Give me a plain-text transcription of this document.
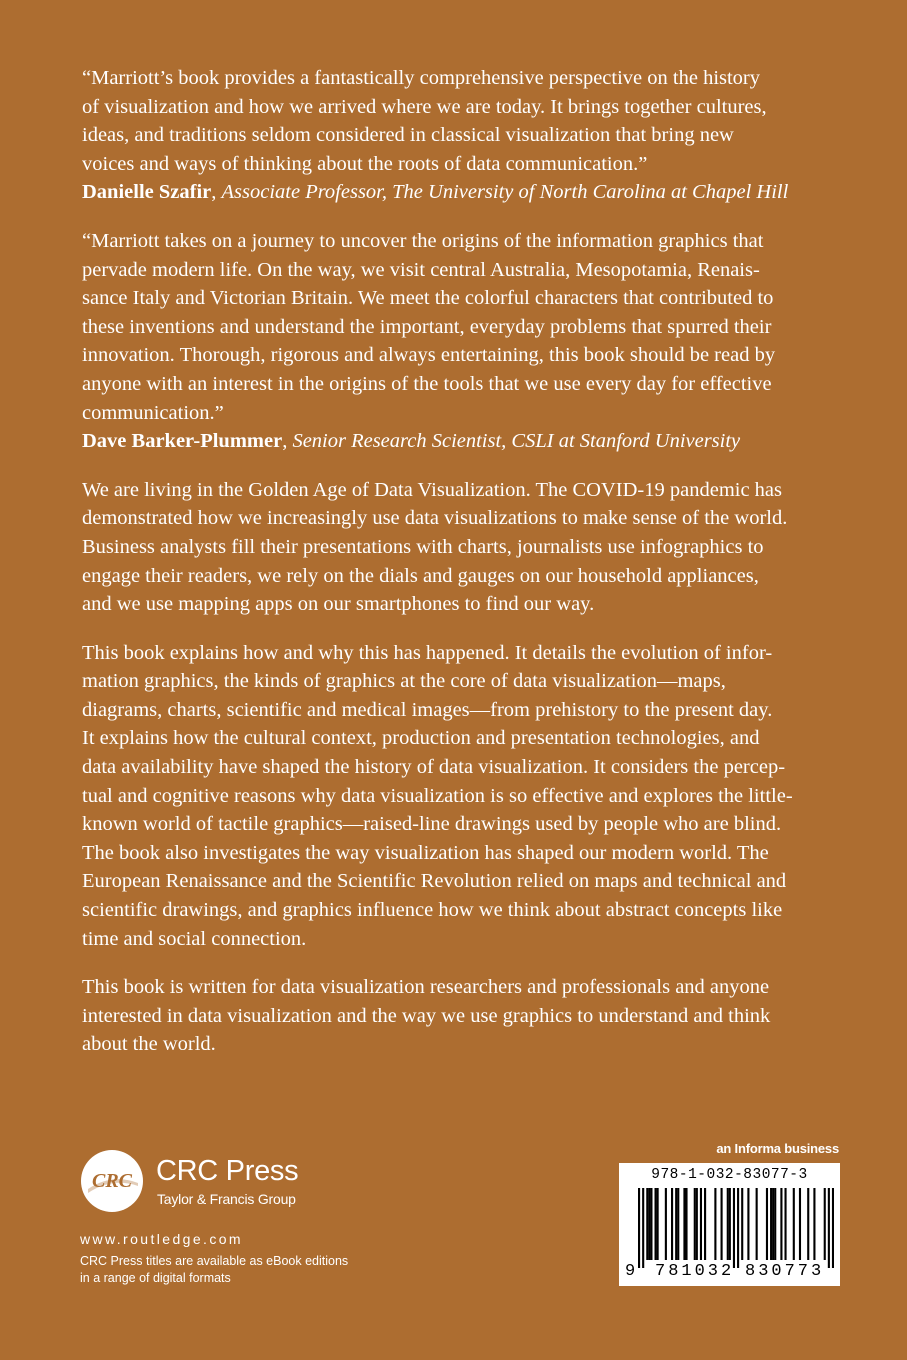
“Marriott’s book provides a fantastically comprehensive perspective on the history
of visualization and how we arrived where we are today. It brings together cultures,
ideas, and traditions seldom considered in classical visualization that bring new
voices and ways of thinking about the roots of data communication.”

Danielle Szafir, Associate Professor, The University of North Carolina at Chapel Hill

“Marriott takes on a journey to uncover the origins of the information graphics that
pervade modern life. On the way, we visit central Australia, Mesopotamia, Renais-
sance Italy and Victorian Britain. We meet the colorful characters that contributed to
these inventions and understand the important, everyday problems that spurred their
innovation. Thorough, rigorous and always entertaining, this book should be read by
anyone with an interest in the origins of the tools that we use every day for effective
communication.”

Dave Barker-Plummer, Senior Research Scientist, CSLI at Stanford University

We are living in the Golden Age of Data Visualization. The COVID-19 pandemic has
demonstrated how we increasingly use data visualizations to make sense of the world.
Business analysts fill their presentations with charts, journalists use infographics to
engage their readers, we rely on the dials and gauges on our household appliances,
and we use mapping apps on our smartphones to find our way.

This book explains how and why this has happened. It details the evolution of infor-
mation graphics, the kinds of graphics at the core of data visualization—maps,
diagrams, charts, scientific and medical images—from prehistory to the present day.
It explains how the cultural context, production and presentation technologies, and
data availability have shaped the history of data visualization. It considers the percep-
tual and cognitive reasons why data visualization is so effective and explores the little-
known world of tactile graphics—raised-line drawings used by people who are blind.
The book also investigates the way visualization has shaped our modern world. The
European Renaissance and the Scientific Revolution relied on maps and technical and
scientific drawings, and graphics influence how we think about abstract concepts like
time and social connection.

This book is written for data visualization researchers and professionals and anyone
interested in data visualization and the way we use graphics to understand and think
about the world.

CRC CRC Press
Taylor & Francis Group
www.routledge.com
CRC Press titles are available as eBook editions
in a range of digital formats
an Informa business
978-1-032-83077-3
9 781032 830773
